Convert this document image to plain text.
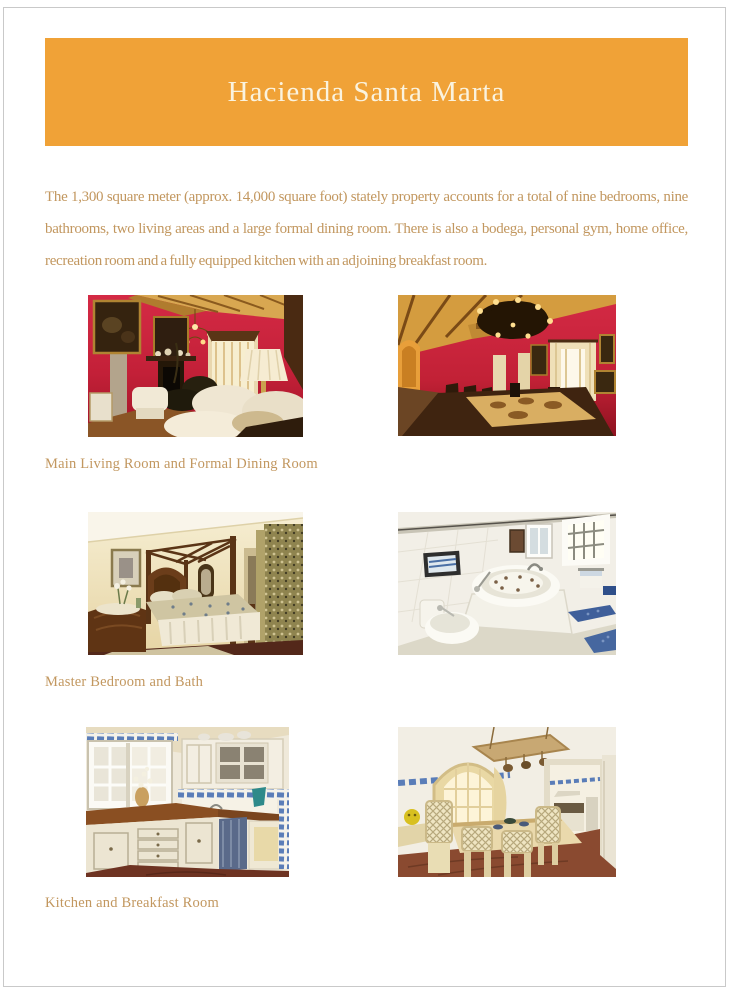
Hacienda Santa Marta

The 1,300 square meter (approx. 14,000 square foot) stately property accounts for a total of nine bedrooms, nine bathrooms, two living areas and a large formal dining room. There is also a bodega, personal gym, home office, recreation room and a fully equipped kitchen with an adjoining breakfast room.

Main Living Room and Formal Dining Room
Master Bedroom and Bath
Kitchen and Breakfast Room
